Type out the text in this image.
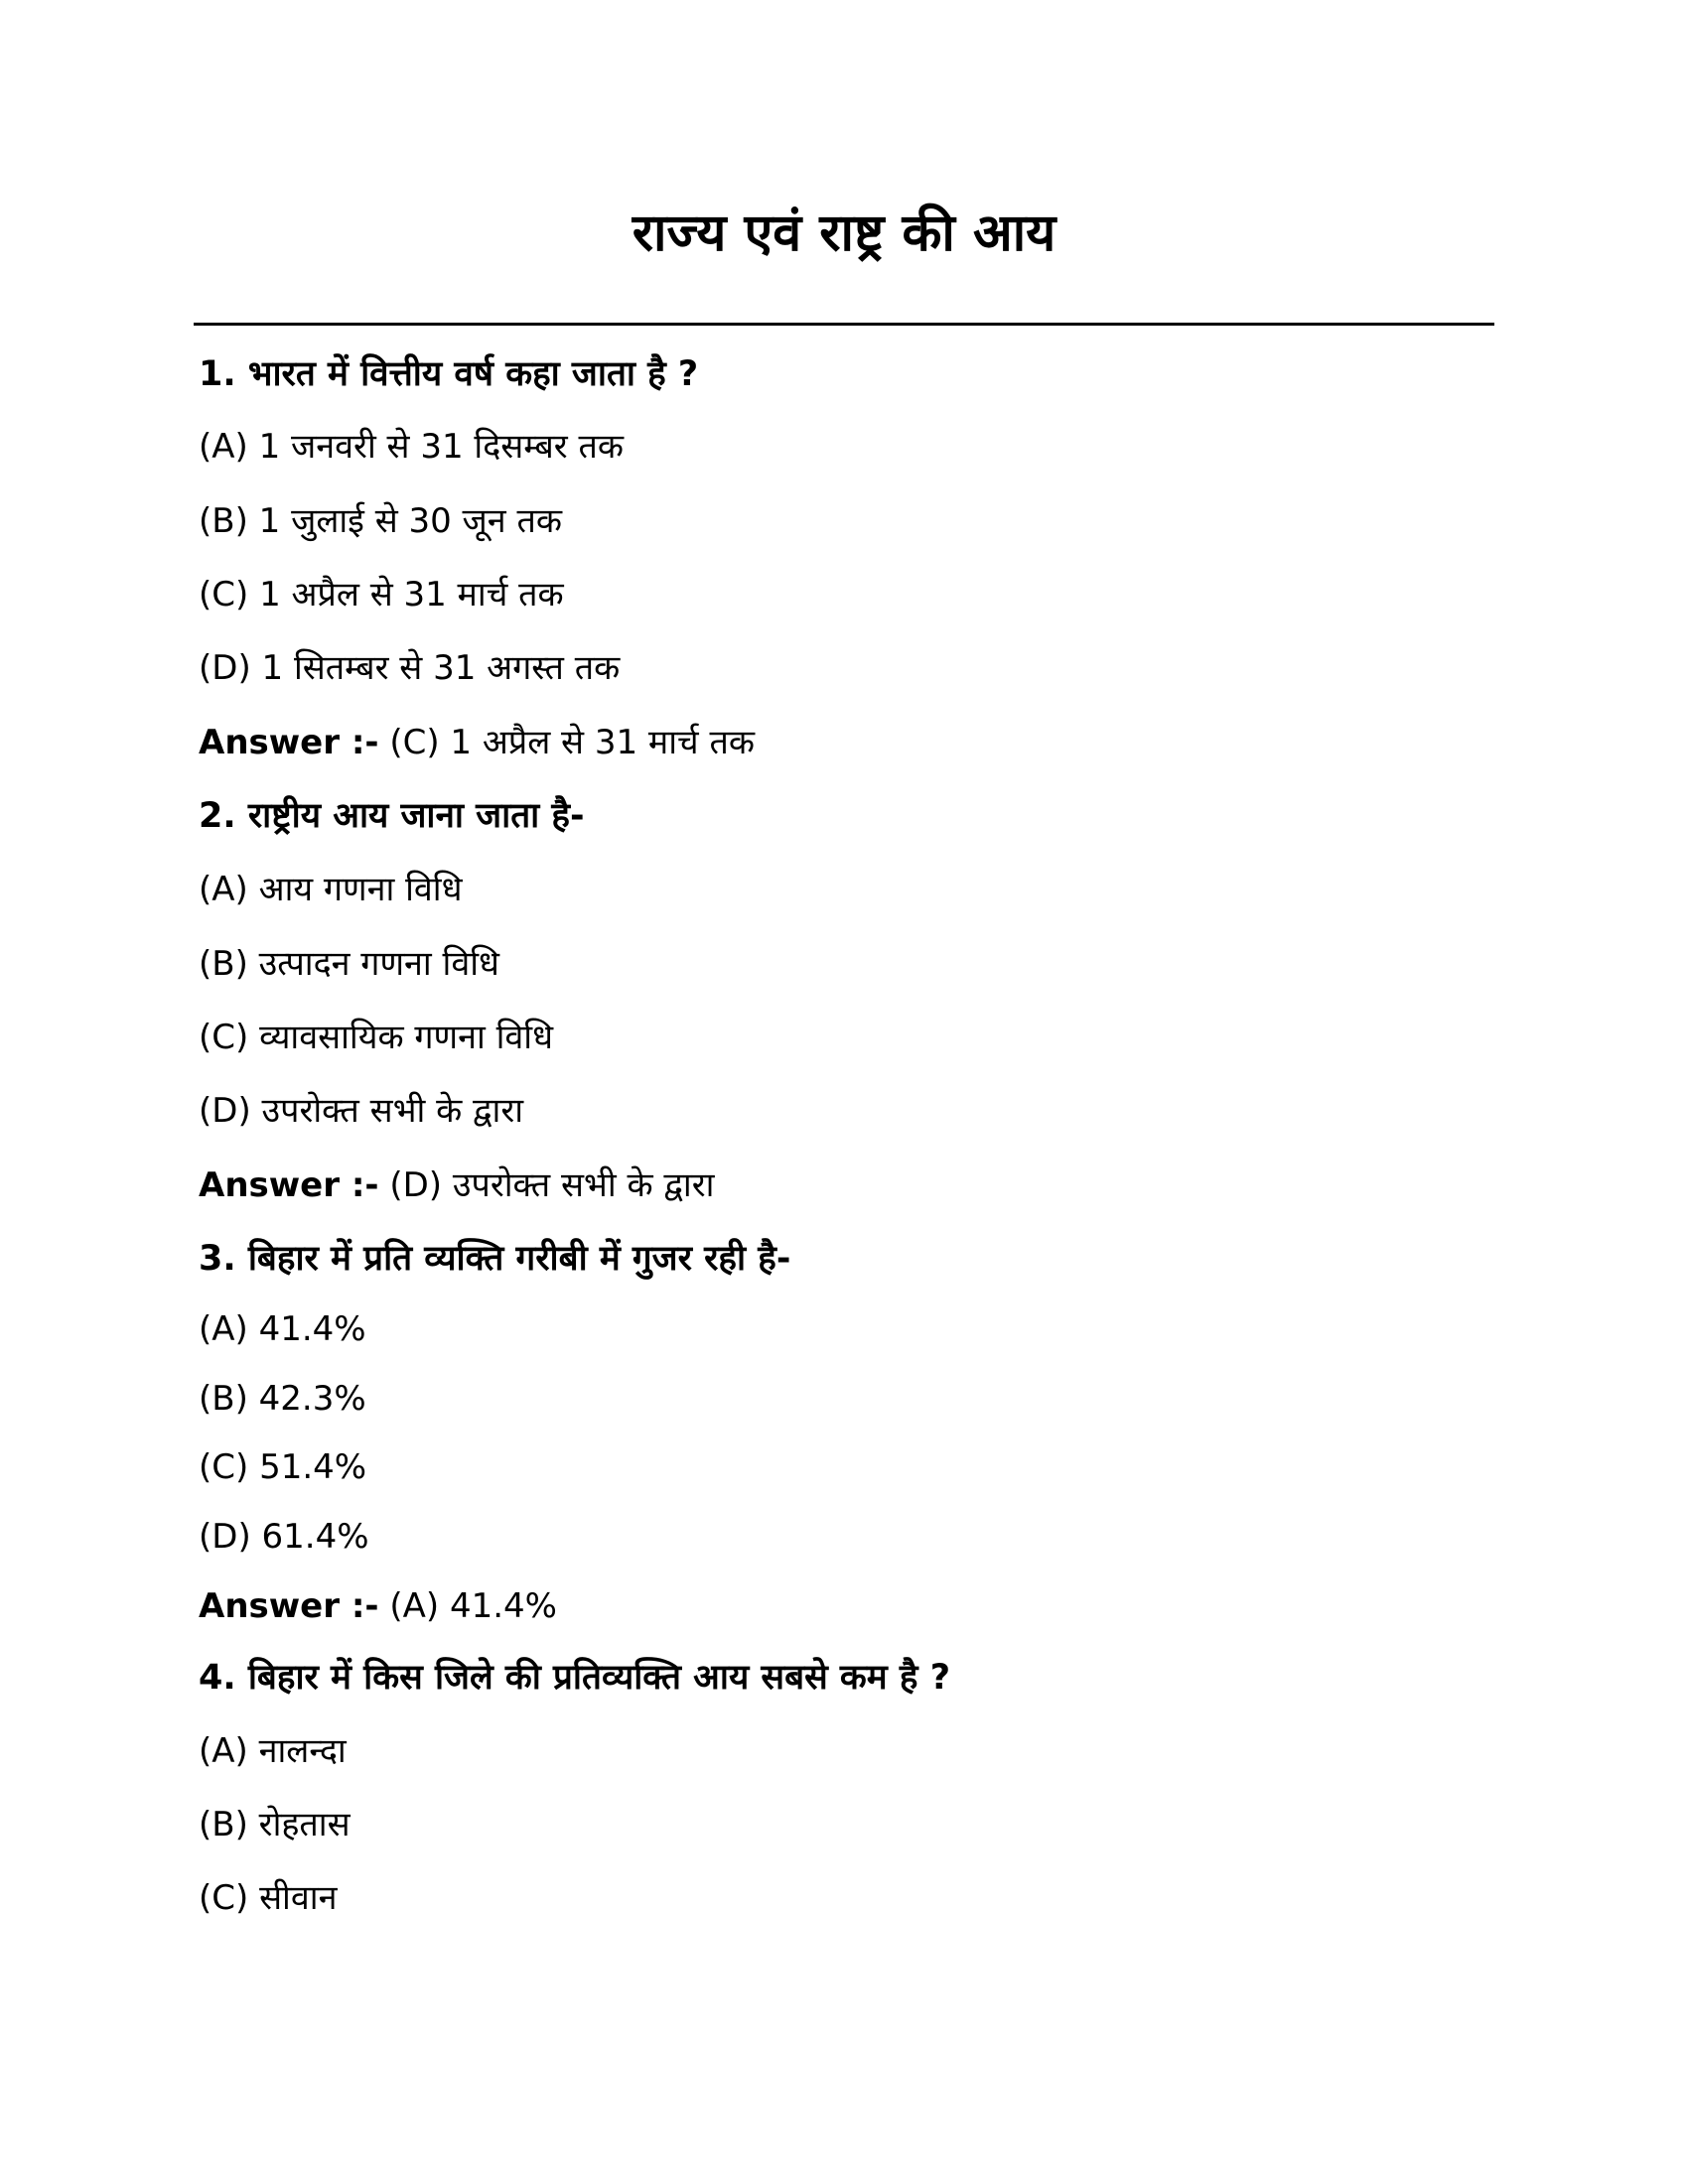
राज्य एवं राष्ट्र की आय
1. भारत में वित्तीय वर्ष कहा जाता है ?
(A) 1 जनवरी से 31 दिसम्बर तक
(B) 1 जुलाई से 30 जून तक
(C) 1 अप्रैल से 31 मार्च तक
(D) 1 सितम्बर से 31 अगस्त तक
Answer :- (C) 1 अप्रैल से 31 मार्च तक
2. राष्ट्रीय आय जाना जाता है-
(A) आय गणना विधि
(B) उत्पादन गणना विधि
(C) व्यावसायिक गणना विधि
(D) उपरोक्त सभी के द्वारा
Answer :- (D) उपरोक्त सभी के द्वारा
3. बिहार में प्रति व्यक्ति गरीबी में गुजर रही है-
(A) 41.4%
(B) 42.3%
(C) 51.4%
(D) 61.4%
Answer :- (A) 41.4%
4. बिहार में किस जिले की प्रतिव्यक्ति आय सबसे कम है ?
(A) नालन्दा
(B) रोहतास
(C) सीवान
